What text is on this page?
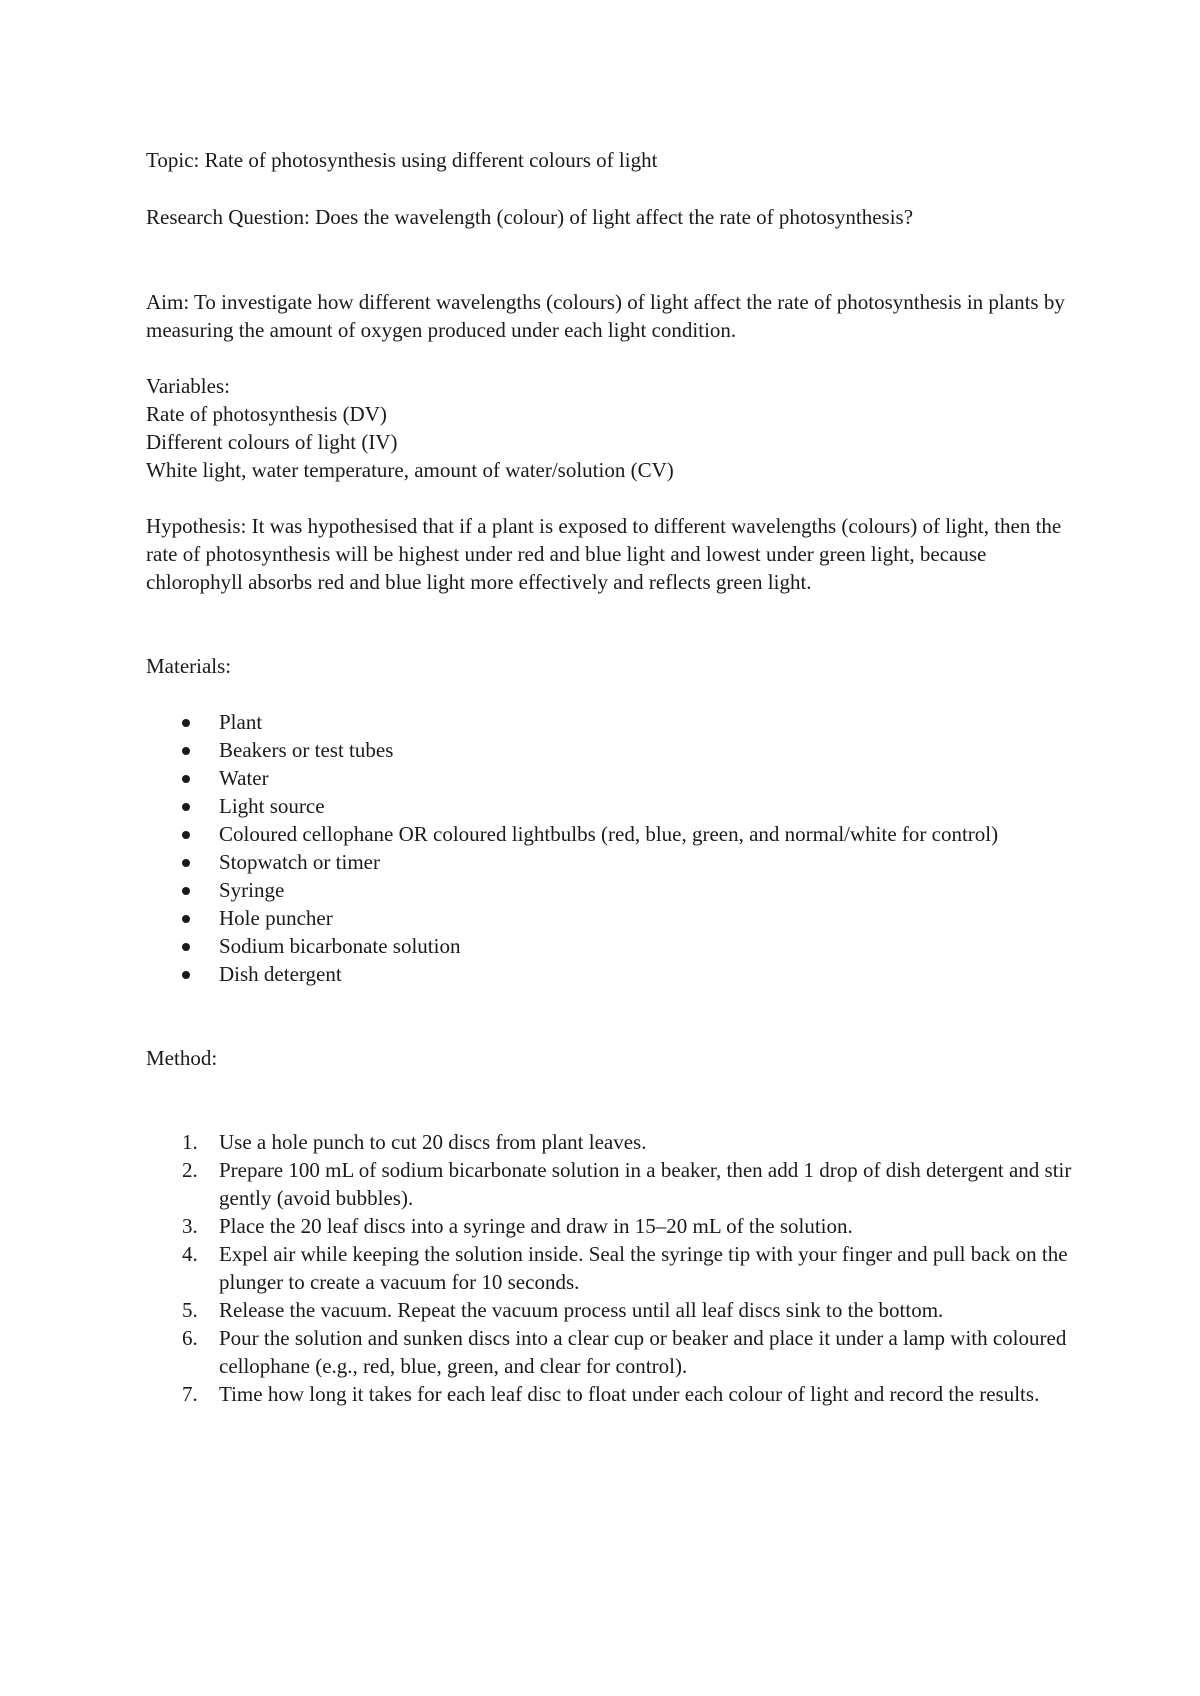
Topic: Rate of photosynthesis using different colours of light

Research Question: Does the wavelength (colour) of light affect the rate of photosynthesis?

Aim: To investigate how different wavelengths (colours) of light affect the rate of photosynthesis in plants by measuring the amount of oxygen produced under each light condition.

Variables:

Rate of photosynthesis (DV)

Different colours of light (IV)

White light, water temperature, amount of water/solution (CV)

Hypothesis: It was hypothesised that if a plant is exposed to different wavelengths (colours) of light, then the rate of photosynthesis will be highest under red and blue light and lowest under green light, because chlorophyll absorbs red and blue light more effectively and reflects green light.

Materials:

Plant
Beakers or test tubes
Water
Light source
Coloured cellophane OR coloured lightbulbs (red, blue, green, and normal/white for control)
Stopwatch or timer
Syringe
Hole puncher
Sodium bicarbonate solution
Dish detergent

Method:

1. Use a hole punch to cut 20 discs from plant leaves.
2. Prepare 100 mL of sodium bicarbonate solution in a beaker, then add 1 drop of dish detergent and stir gently (avoid bubbles).
3. Place the 20 leaf discs into a syringe and draw in 15–20 mL of the solution.
4. Expel air while keeping the solution inside. Seal the syringe tip with your finger and pull back on the plunger to create a vacuum for 10 seconds.
5. Release the vacuum. Repeat the vacuum process until all leaf discs sink to the bottom.
6. Pour the solution and sunken discs into a clear cup or beaker and place it under a lamp with coloured cellophane (e.g., red, blue, green, and clear for control).
7. Time how long it takes for each leaf disc to float under each colour of light and record the results.
